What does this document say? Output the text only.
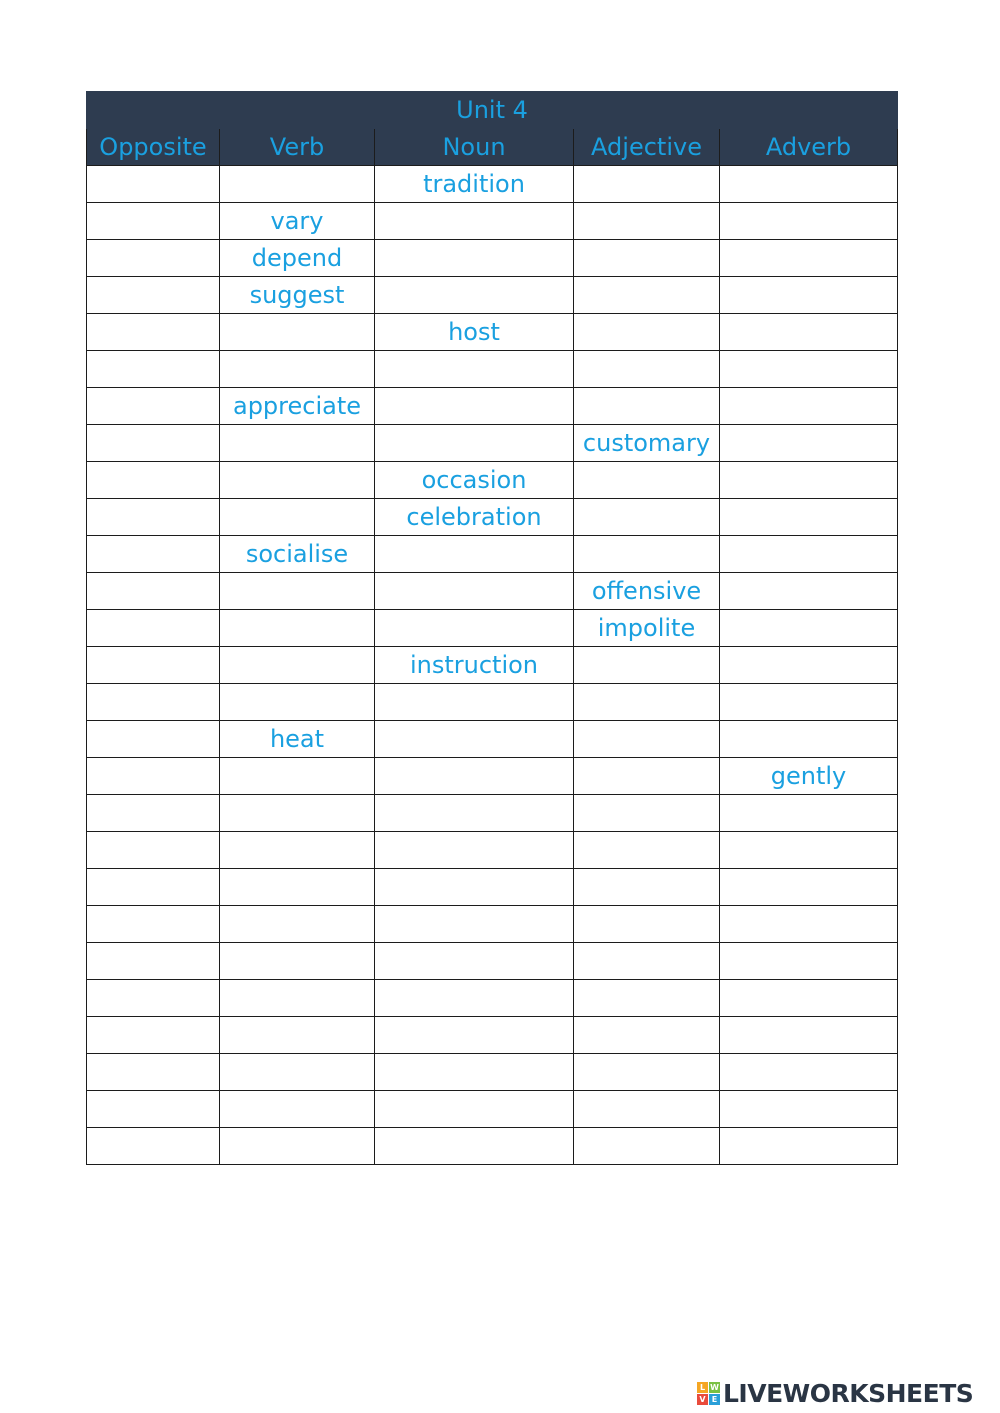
Unit 4				
Opposite	Verb	Noun	Adjective	Adverb
		tradition		
	vary			
	depend			
	suggest			
		host		

	appreciate			
			customary	
		occasion		
		celebration		
	socialise			
			offensive	
			impolite	
		instruction		

	heat			
				gently

L W
V E LIVEWORKSHEETS
